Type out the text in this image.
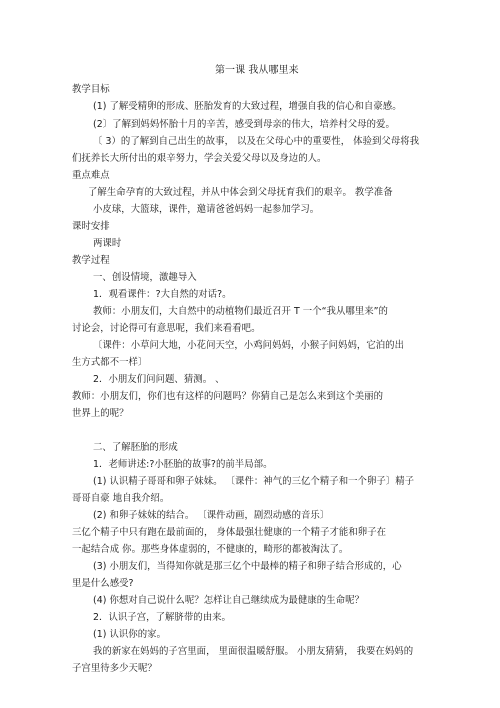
第一课 我从哪里来

教学目标

(1) 了解受精卵的形成、胚胎发育的大致过程，增强自我的信心和自豪感。

(2〕了解到妈妈怀胎十月的辛苦，感受到母亲的伟大，培养村父母的爱。

〔 3）的了解到自己出生的故事， 以及在父母心中的重要性， 体验到父母将我

们抚养长大所付出的艰辛努力，学会关爱父母以及身边的人。

重点难点

了解生命孕育的大致过程，并从中体会到父母抚育我们的艰辛。 教学准备

小皮球，大篮球，课件，邀请爸爸妈妈一起参加学习。

课时安排

两课时

教学过程

一、创设情境，激趣导入

1．观看课件：?大自然的对话?。

教师：小朋友们，大自然中的动植物们最近召开 T 一个“我从哪里来”的

讨论会，讨论得可有意思呢，我们来看看吧。

〔课件：小草问大地，小花问天空，小鸡问妈妈，小猴子问妈妈，它泊的出

生方式都不一样〕

2．小朋友们问问题、猜测。 、

教师：小朋友们，你们也有这样的问题吗？你猜自己是怎么来到这个美丽的

世界上的呢？

二、了解胚胎的形成

1．老师讲述:?小胚胎的故事?的前半局部。

(1) 认识精子哥哥和卵子妹妹。 〔课件：神气的三亿个精子和一个卵子〕精子

哥哥自豪 地自我介绍。

(2) 和卵子妹妹的结合。 〔课件动画，剧烈动感的音乐〕

三亿个精子中只有跑在最前面的， 身体最强壮健康的一个精子才能和卵子在

一起结合成 你。那些身体虚弱的，不健康的，畸形的都被淘汰了。

(3) 小朋友们，当得知你就是那三亿个中最棒的精子和卵子结合形成的，心

里是什么感受?

(4) 你想对自己说什么呢？怎样让自己继续成为最健康的生命呢？

2．认识子宫，了解脐带的由来。

(1) 认识你的家。

我的新家在妈妈的子宫里面， 里面很温暖舒服。 小朋友猜猜， 我要在妈妈的

子宫里待多少天呢？
